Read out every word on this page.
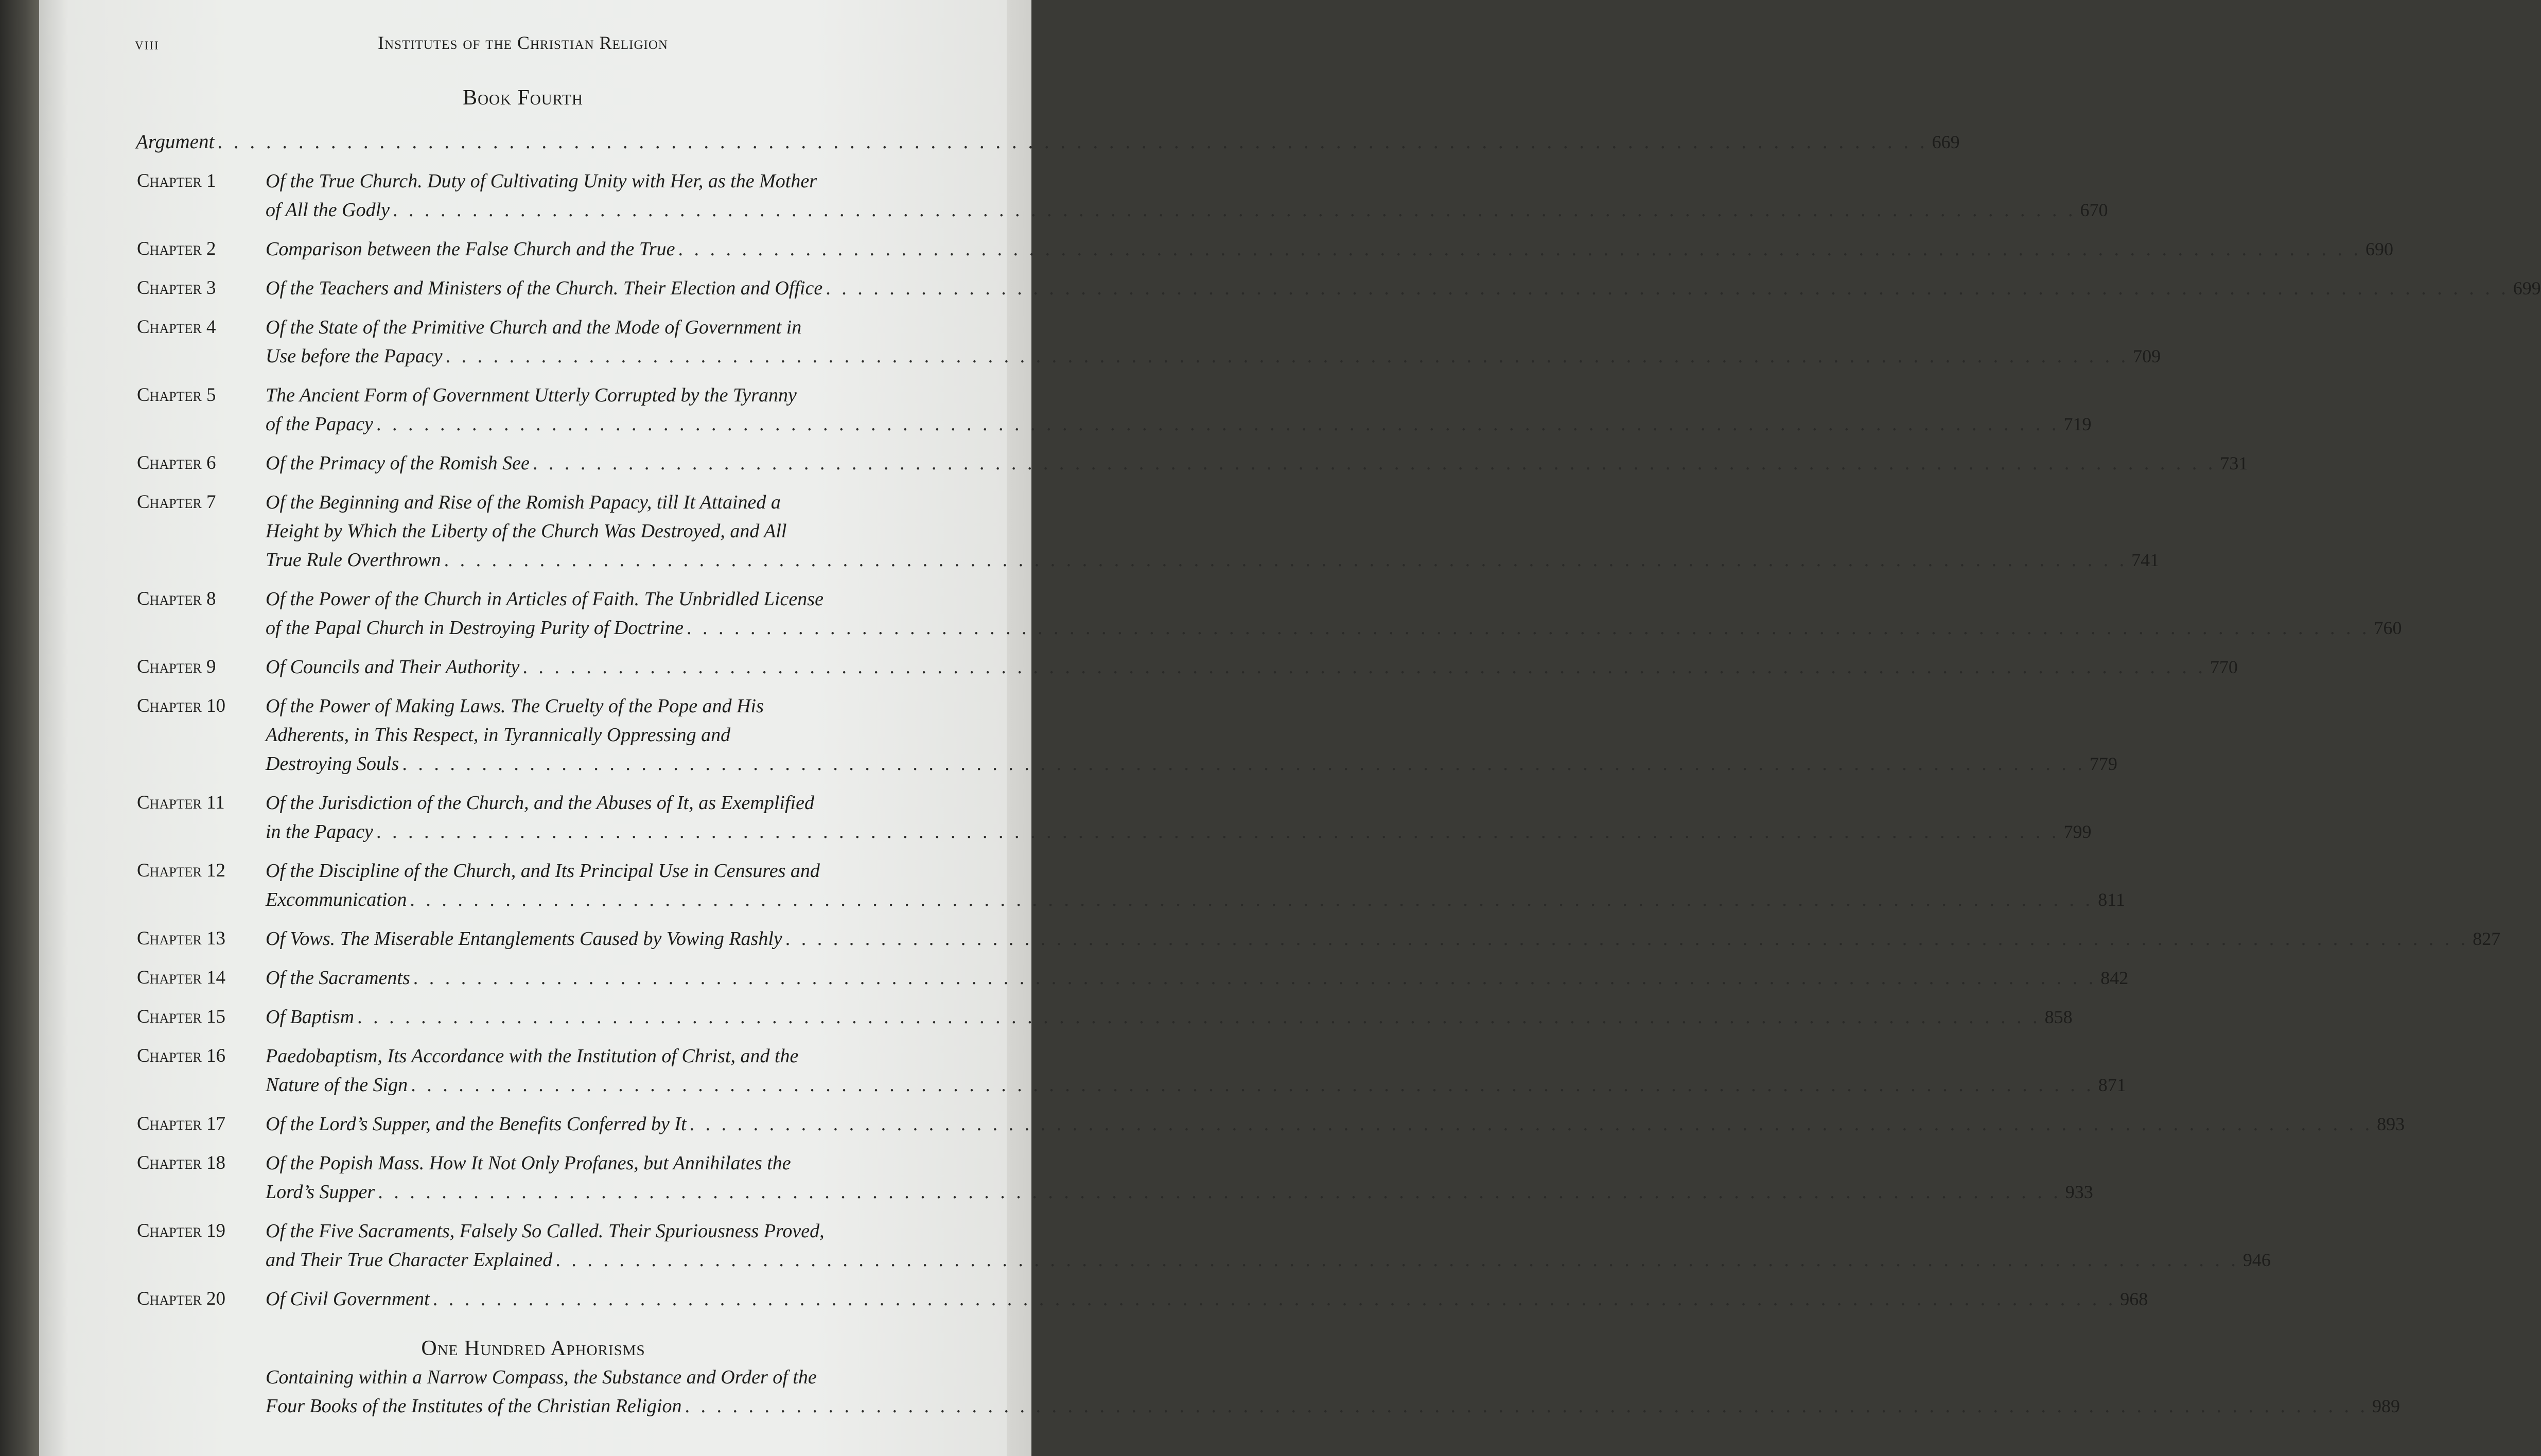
viii	Institutes of the Christian Religion
Book Fourth
Argument . . .	669
Chapter 1	Of the True Church. Duty of Cultivating Unity with Her, as the Mother
of All the Godly . . .	670
Chapter 2	Comparison between the False Church and the True . . .	690
Chapter 3	Of the Teachers and Ministers of the Church. Their Election and Office . . .	699
Chapter 4	Of the State of the Primitive Church and the Mode of Government in
Use before the Papacy . . .	709
Chapter 5	The Ancient Form of Government Utterly Corrupted by the Tyranny
of the Papacy . . .	719
Chapter 6	Of the Primacy of the Romish See . . .	731
Chapter 7	Of the Beginning and Rise of the Romish Papacy, till It Attained a
Height by Which the Liberty of the Church Was Destroyed, and All
True Rule Overthrown . . .	741
Chapter 8	Of the Power of the Church in Articles of Faith. The Unbridled License
of the Papal Church in Destroying Purity of Doctrine . . .	760
Chapter 9	Of Councils and Their Authority . . .	770
Chapter 10	Of the Power of Making Laws. The Cruelty of the Pope and His
Adherents, in This Respect, in Tyrannically Oppressing and
Destroying Souls . . .	779
Chapter 11	Of the Jurisdiction of the Church, and the Abuses of It, as Exemplified
in the Papacy . . .	799
Chapter 12	Of the Discipline of the Church, and Its Principal Use in Censures and
Excommunication . . .	811
Chapter 13	Of Vows. The Miserable Entanglements Caused by Vowing Rashly . . .	827
Chapter 14	Of the Sacraments . . .	842
Chapter 15	Of Baptism . . .	858
Chapter 16	Paedobaptism, Its Accordance with the Institution of Christ, and the
Nature of the Sign . . .	871
Chapter 17	Of the Lord’s Supper, and the Benefits Conferred by It . . .	893
Chapter 18	Of the Popish Mass. How It Not Only Profanes, but Annihilates the
Lord’s Supper . . .	933
Chapter 19	Of the Five Sacraments, Falsely So Called. Their Spuriousness Proved,
and Their True Character Explained . . .	946
Chapter 20	Of Civil Government . . .	968
One Hundred Aphorisms
Containing within a Narrow Compass, the Substance and Order of the
Four Books of the Institutes of the Christian Religion . . .	989
